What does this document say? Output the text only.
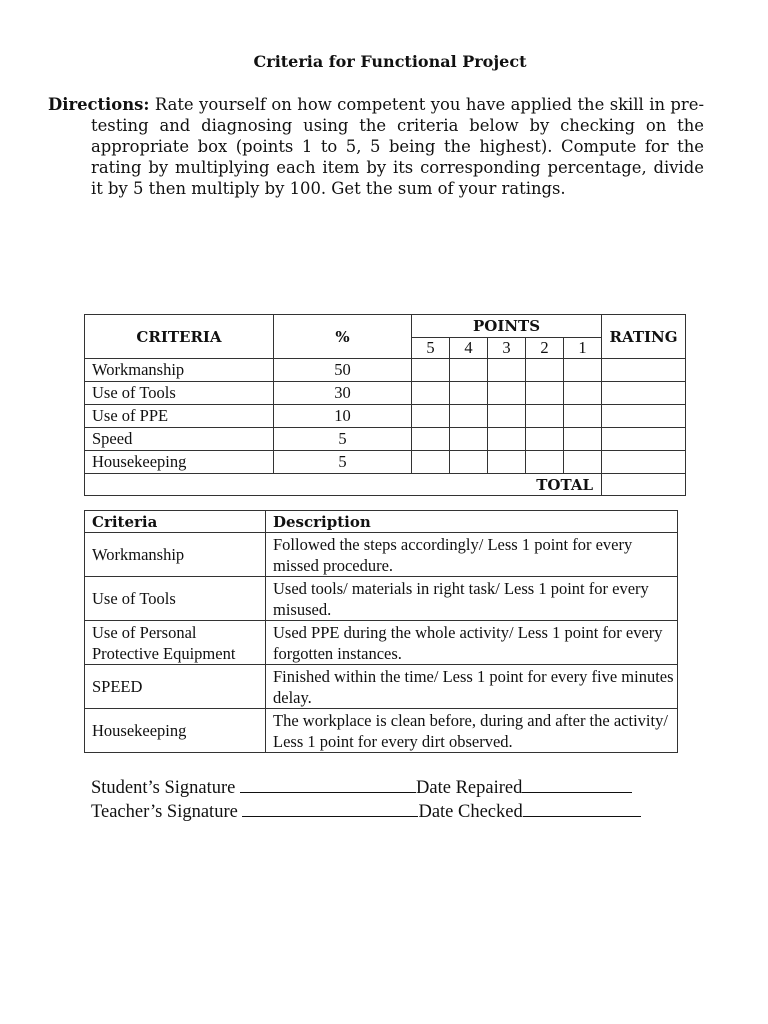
Criteria for Functional Project
Directions: Rate yourself on how competent you have applied the skill in pre-testing and diagnosing using the criteria below by checking on the appropriate box (points 1 to 5, 5 being the highest). Compute for the rating by multiplying each item by its corresponding percentage, divide it by 5 then multiply by 100. Get the sum of your ratings.
CRITERIA	%	POINTS					RATING
		5	4	3	2	1	
Workmanship	50						
Use of Tools	30						
Use of PPE	10						
Speed	5						
Housekeeping	5						
TOTAL							
Criteria	Description
Workmanship	Followed the steps accordingly/ Less 1 point for every missed procedure.
Use of Tools	Used tools/ materials in right task/ Less 1 point for every misused.
Use of Personal Protective Equipment	Used PPE during the whole activity/ Less 1 point for every forgotten instances.
SPEED	Finished within the time/ Less 1 point for every five minutes delay.
Housekeeping	The workplace is clean before, during and after the activity/ Less 1 point for every dirt observed.
Student’s Signature	Date Repaired
Teacher’s Signature	Date Checked
